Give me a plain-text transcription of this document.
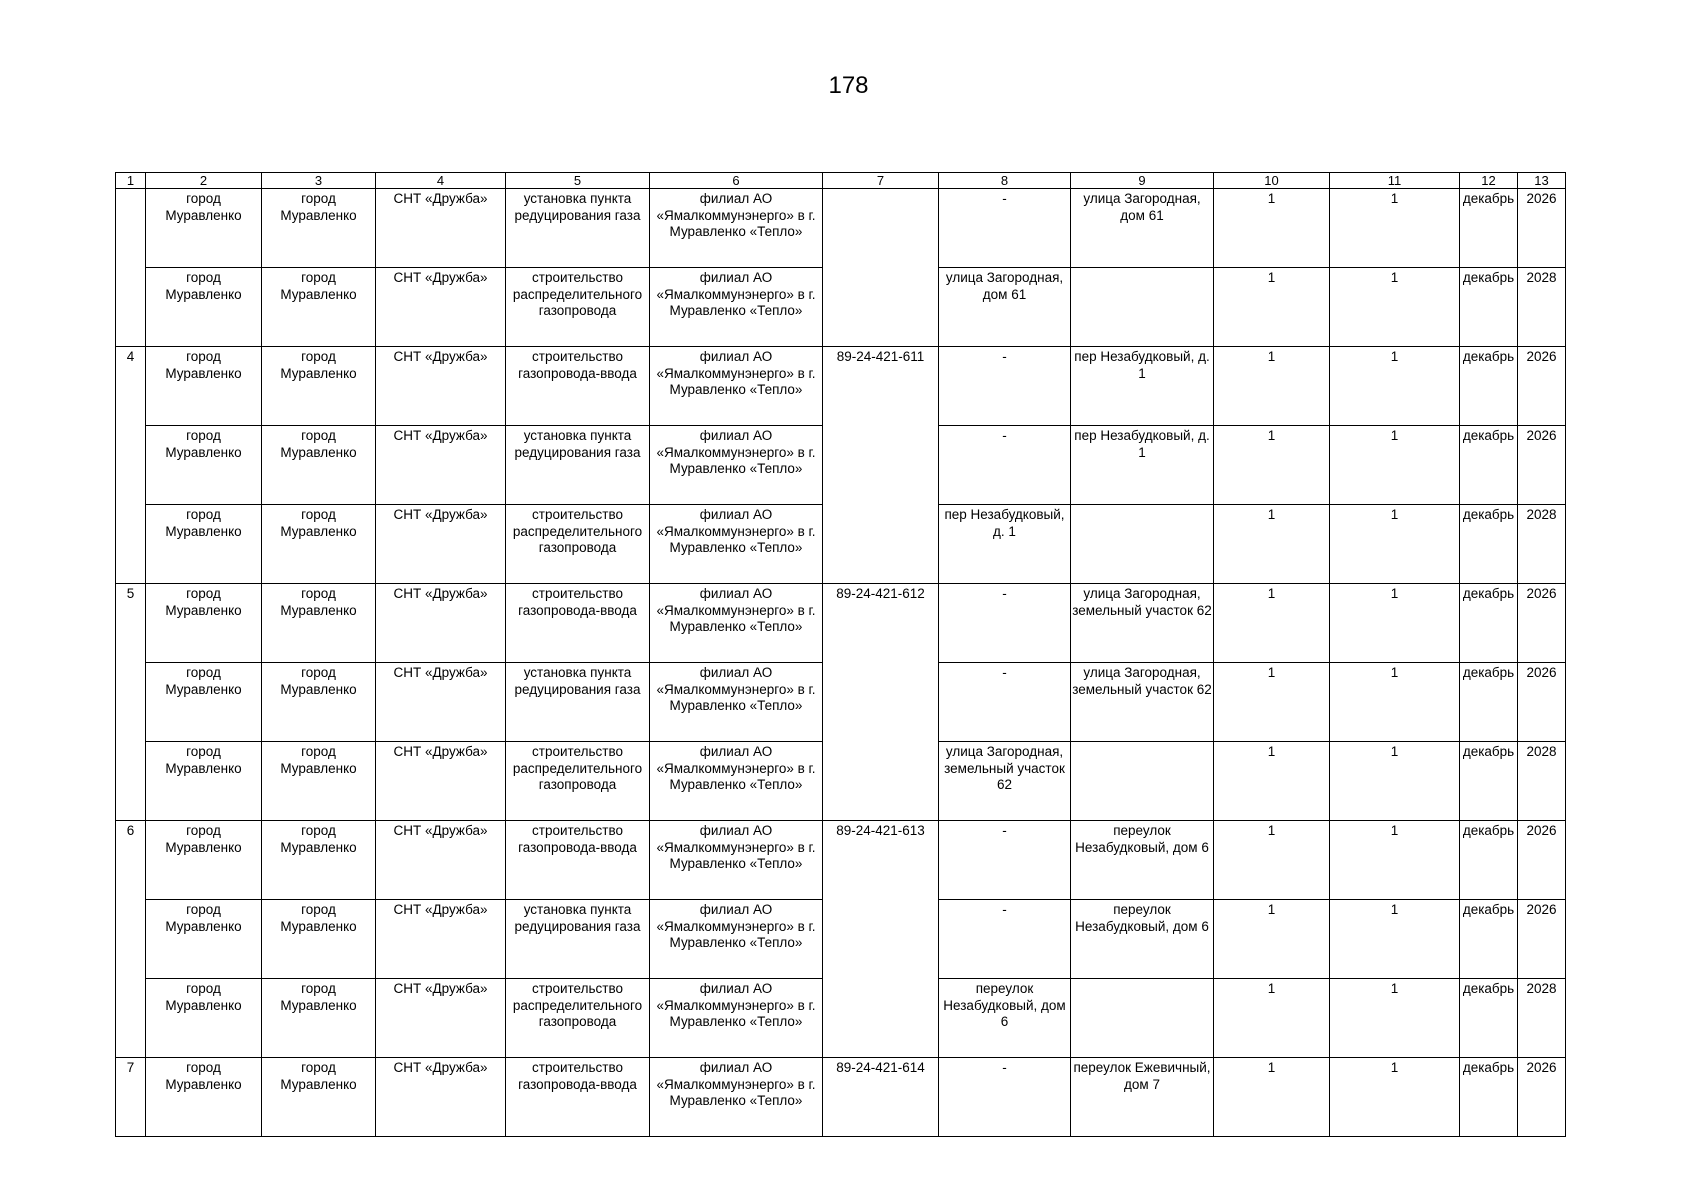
178
1	2	3	4	5	6	7	8	9	10	11	12	13
	город Муравленко	город Муравленко	СНТ «Дружба»	установка пункта редуцирования газа	филиал АО «Ямалкоммунэнерго» в г. Муравленко «Тепло»		-	улица Загородная, дом 61	1	1	декабрь	2026
	город Муравленко	город Муравленко	СНТ «Дружба»	строительство распределительного газопровода	филиал АО «Ямалкоммунэнерго» в г. Муравленко «Тепло»		улица Загородная, дом 61		1	1	декабрь	2028
4	город Муравленко	город Муравленко	СНТ «Дружба»	строительство газопровода-ввода	филиал АО «Ямалкоммунэнерго» в г. Муравленко «Тепло»	89-24-421-611	-	пер Незабудковый, д. 1	1	1	декабрь	2026
	город Муравленко	город Муравленко	СНТ «Дружба»	установка пункта редуцирования газа	филиал АО «Ямалкоммунэнерго» в г. Муравленко «Тепло»		-	пер Незабудковый, д. 1	1	1	декабрь	2026
	город Муравленко	город Муравленко	СНТ «Дружба»	строительство распределительного газопровода	филиал АО «Ямалкоммунэнерго» в г. Муравленко «Тепло»		пер Незабудковый, д. 1		1	1	декабрь	2028
5	город Муравленко	город Муравленко	СНТ «Дружба»	строительство газопровода-ввода	филиал АО «Ямалкоммунэнерго» в г. Муравленко «Тепло»	89-24-421-612	-	улица Загородная, земельный участок 62	1	1	декабрь	2026
	город Муравленко	город Муравленко	СНТ «Дружба»	установка пункта редуцирования газа	филиал АО «Ямалкоммунэнерго» в г. Муравленко «Тепло»		-	улица Загородная, земельный участок 62	1	1	декабрь	2026
	город Муравленко	город Муравленко	СНТ «Дружба»	строительство распределительного газопровода	филиал АО «Ямалкоммунэнерго» в г. Муравленко «Тепло»		улица Загородная, земельный участок 62		1	1	декабрь	2028
6	город Муравленко	город Муравленко	СНТ «Дружба»	строительство газопровода-ввода	филиал АО «Ямалкоммунэнерго» в г. Муравленко «Тепло»	89-24-421-613	-	переулок Незабудковый, дом 6	1	1	декабрь	2026
	город Муравленко	город Муравленко	СНТ «Дружба»	установка пункта редуцирования газа	филиал АО «Ямалкоммунэнерго» в г. Муравленко «Тепло»		-	переулок Незабудковый, дом 6	1	1	декабрь	2026
	город Муравленко	город Муравленко	СНТ «Дружба»	строительство распределительного газопровода	филиал АО «Ямалкоммунэнерго» в г. Муравленко «Тепло»		переулок Незабудковый, дом 6		1	1	декабрь	2028
7	город Муравленко	город Муравленко	СНТ «Дружба»	строительство газопровода-ввода	филиал АО «Ямалкоммунэнерго» в г. Муравленко «Тепло»	89-24-421-614	-	переулок Ежевичный, дом 7	1	1	декабрь	2026
